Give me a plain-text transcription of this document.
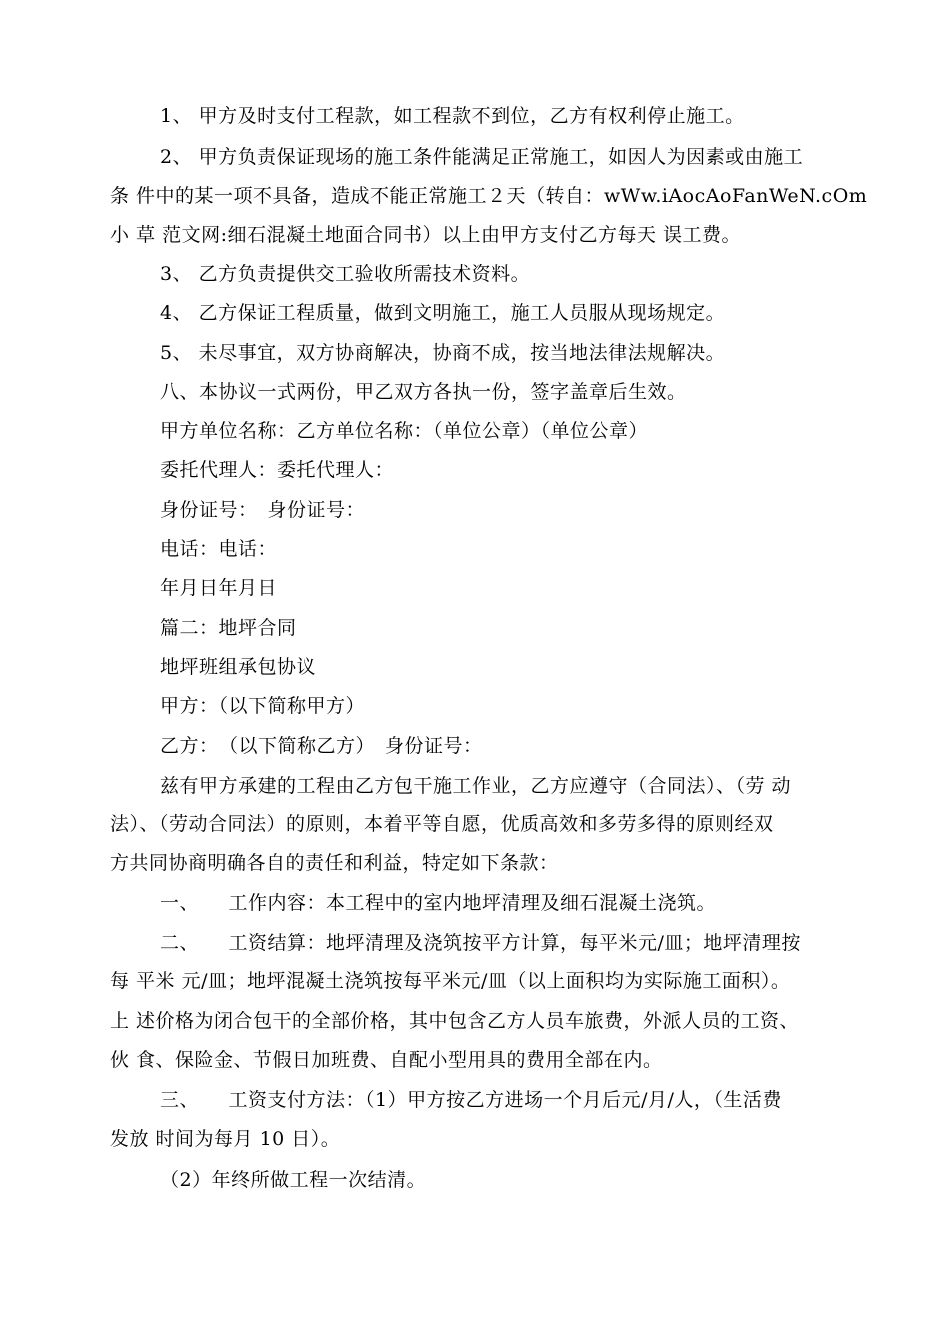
1、 甲方及时支付工程款，如工程款不到位，乙方有权利停止施工。
2、 甲方负责保证现场的施工条件能满足正常施工，如因人为因素或由施工
条 件中的某一项不具备，造成不能正常施工２天（转自：wWw.iAocAoFanWeN.cOm
小 草 范文网:细石混凝土地面合同书）以上由甲方支付乙方每天 误工费。
3、 乙方负责提供交工验收所需技术资料。
4、 乙方保证工程质量，做到文明施工，施工人员服从现场规定。
5、 未尽事宜，双方协商解决，协商不成，按当地法律法规解决。
八、本协议一式两份，甲乙双方各执一份，签字盖章后生效。
甲方单位名称：乙方单位名称：（单位公章）（单位公章）
委托代理人：委托代理人：
身份证号：　身份证号：
电话：电话：
年月日年月日
篇二：地坪合同
地坪班组承包协议
甲方：（以下简称甲方）
乙方：　（以下简称乙方）　身份证号：
兹有甲方承建的工程由乙方包干施工作业，乙方应遵守（合同法）、（劳 动
法）、（劳动合同法）的原则，本着平等自愿，优质高效和多劳多得的原则经双
方共同协商明确各自的责任和利益，特定如下条款：
一、　　工作内容：本工程中的室内地坪清理及细石混凝土浇筑。
二、　　工资结算：地坪清理及浇筑按平方计算，每平米元/皿；地坪清理按
每 平米 元/皿；地坪混凝土浇筑按每平米元/皿（以上面积均为实际施工面积）。
上 述价格为闭合包干的全部价格，其中包含乙方人员车旅费，外派人员的工资、
伙 食、保险金、节假日加班费、自配小型用具的费用全部在内。
三、　　工资支付方法：（1）甲方按乙方进场一个月后元/月/人，（生活费
发放 时间为每月 10 日）。
（2）年终所做工程一次结清。
